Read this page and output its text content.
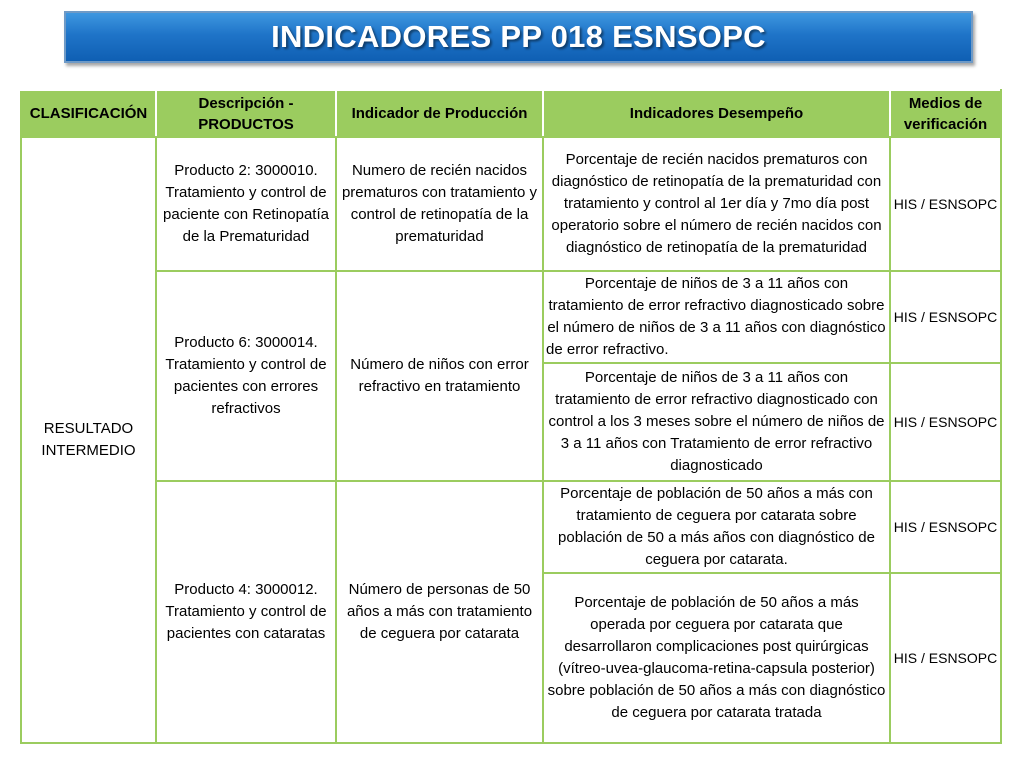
INDICADORES PP 018 ESNSOPC
CLASIFICACIÓN	Descripción - PRODUCTOS	Indicador de Producción	Indicadores Desempeño	Medios de verificación
RESULTADO INTERMEDIO	Producto 2: 3000010. Tratamiento y control de paciente con Retinopatía de la Prematuridad	Numero de recién nacidos prematuros con tratamiento y control de retinopatía de la prematuridad	Porcentaje de recién nacidos prematuros con diagnóstico de retinopatía de la prematuridad con tratamiento y control al 1er día y 7mo día post operatorio sobre el número de recién nacidos con diagnóstico de retinopatía de la prematuridad	HIS / ESNSOPC
	Producto 6: 3000014. Tratamiento y control de pacientes con errores refractivos	Número de niños con error refractivo en tratamiento	Porcentaje de niños de 3 a 11 años con tratamiento de error refractivo diagnosticado sobre el número de niños de 3 a 11 años con diagnóstico de error refractivo.	HIS / ESNSOPC
			Porcentaje de niños de 3 a 11 años con tratamiento de error refractivo diagnosticado con control a los 3 meses sobre el número de niños de 3 a 11 años con Tratamiento de error refractivo diagnosticado	HIS / ESNSOPC
	Producto 4: 3000012. Tratamiento y control de pacientes con cataratas	Número de personas de 50 años a más con tratamiento de ceguera por catarata	Porcentaje de población de 50 años a más con tratamiento de ceguera por catarata sobre población de 50 a más años con diagnóstico de ceguera por catarata.	HIS / ESNSOPC
			Porcentaje de población de 50 años a más operada por ceguera por catarata que desarrollaron complicaciones post quirúrgicas (vítreo-uvea-glaucoma-retina-capsula posterior) sobre población de 50 años a más con diagnóstico de ceguera por catarata tratada	HIS / ESNSOPC
